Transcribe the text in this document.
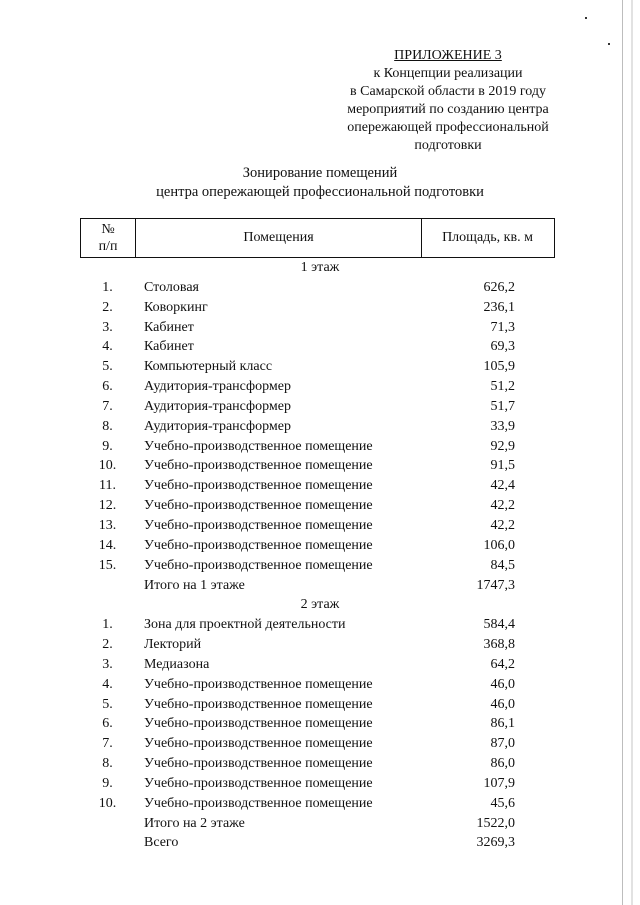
ПРИЛОЖЕНИЕ 3
к Концепции реализации
в Самарской области в 2019 году
мероприятий по созданию центра
опережающей профессиональной
подготовки
Зонирование помещений
центра опережающей профессиональной подготовки
№
п/п
Помещения	Площадь, кв. м
1 этаж
1.	Столовая	626,2
2.	Коворкинг	236,1
3.	Кабинет	71,3
4.	Кабинет	69,3
5.	Компьютерный класс	105,9
6.	Аудитория-трансформер	51,2
7.	Аудитория-трансформер	51,7
8.	Аудитория-трансформер	33,9
9.	Учебно-производственное помещение	92,9
10.	Учебно-производственное помещение	91,5
11.	Учебно-производственное помещение	42,4
12.	Учебно-производственное помещение	42,2
13.	Учебно-производственное помещение	42,2
14.	Учебно-производственное помещение	106,0
15.	Учебно-производственное помещение	84,5
Итого на 1 этаже	1747,3
2 этаж
1.	Зона для проектной деятельности	584,4
2.	Лекторий	368,8
3.	Медиазона	64,2
4.	Учебно-производственное помещение	46,0
5.	Учебно-производственное помещение	46,0
6.	Учебно-производственное помещение	86,1
7.	Учебно-производственное помещение	87,0
8.	Учебно-производственное помещение	86,0
9.	Учебно-производственное помещение	107,9
10.	Учебно-производственное помещение	45,6
Итого на 2 этаже	1522,0
Всего	3269,3
